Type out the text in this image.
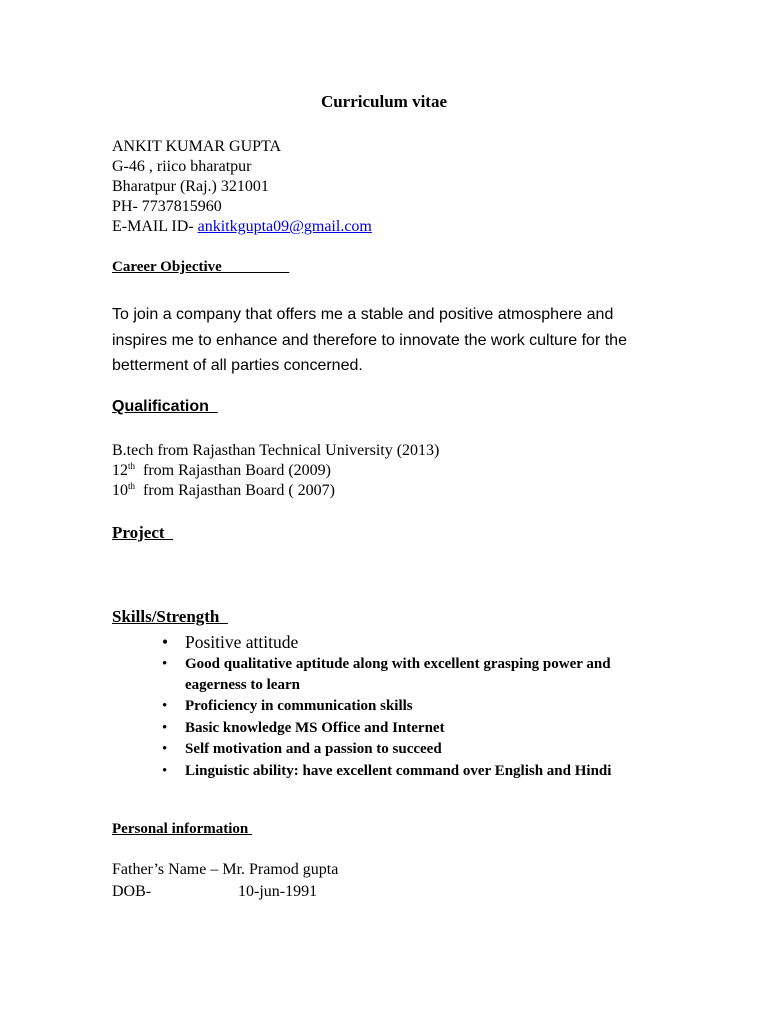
Curriculum vitae
ANKIT KUMAR GUPTA
G-46 , riico bharatpur
Bharatpur (Raj.) 321001
PH- 7737815960
E-MAIL ID- ankitkgupta09@gmail.com
Career Objective
To join a company that offers me a stable and positive atmosphere and inspires me to enhance and therefore to innovate the work culture for the betterment of all parties concerned.
Qualification
B.tech from Rajasthan Technical University (2013)
12th  from Rajasthan Board (2009)
10th  from Rajasthan Board ( 2007)
Project
Skills/Strength
• Positive attitude
• Good qualitative aptitude along with excellent grasping power and eagerness to learn
• Proficiency in communication skills
• Basic knowledge MS Office and Internet
• Self motivation and a passion to succeed
• Linguistic ability: have excellent command over English and Hindi
Personal information
Father’s Name – Mr. Pramod gupta
DOB-	10-jun-1991
